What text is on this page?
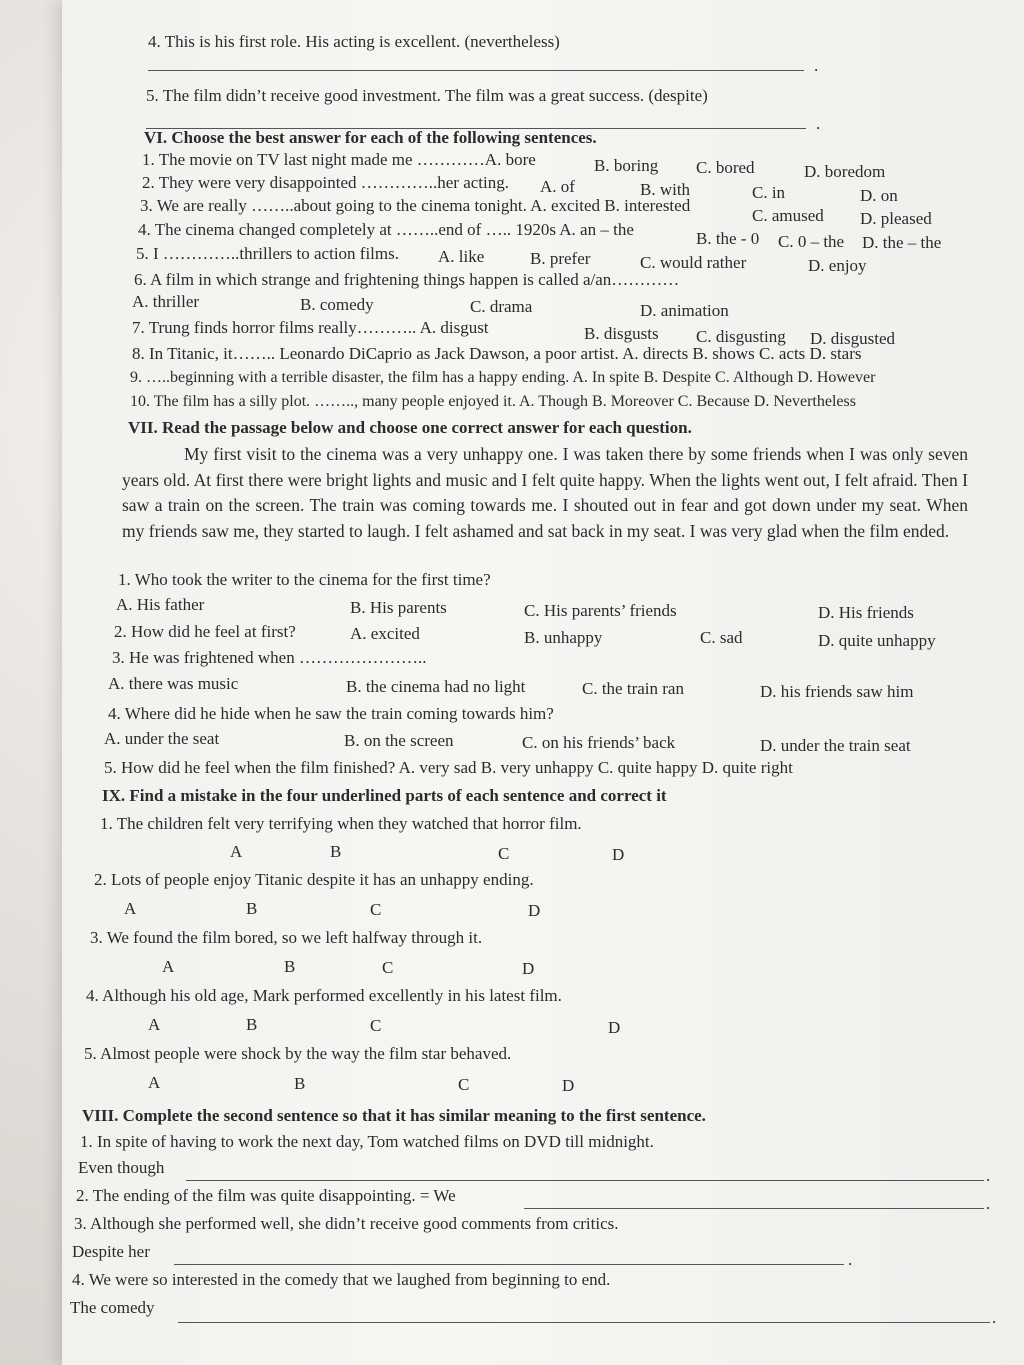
4. This is his first role. His acting is excellent. (nevertheless)
.
5. The film didn’t receive good investment. The film was a great success. (despite)
.
VI. Choose the best answer for each of the following sentences.
1. The movie on TV last night made me …………A. bore	B. boring C. bored	D. boredom
2. They were very disappointed …………..her acting. A. of	B. with	C. in	D. on
3. We are really ……..about going to the cinema tonight. A. excited B. interested
C. amused D. pleased
4. The cinema changed completely at ……..end of ….. 1920s A. an – the	B. the - 0 C. 0 – the D. the – the
5. I …………..thrillers to action films. A. like	B. prefer	C. would rather	D. enjoy
6. A film in which strange and frightening things happen is called a/an…………
A. thriller	B. comedy	C. drama	D. animation
7. Trung finds horror films really……….. A. disgust	B. disgusts C. disgusting D. disgusted
8. In Titanic, it…….. Leonardo DiCaprio as Jack Dawson, a poor artist. A. directs B. shows C. acts D. stars
9. …..beginning with a terrible disaster, the film has a happy ending. A. In spite B. Despite C. Although D. However
10. The film has a silly plot. …….., many people enjoyed it. A. Though B. Moreover C. Because D. Nevertheless
VII. Read the passage below and choose one correct answer for each question.

My first visit to the cinema was a very unhappy one. I was taken there by some friends when I was only seven years old. At first there were bright lights and music and I felt quite happy. When the lights went out, I felt afraid. Then I saw a train on the screen. The train was coming towards me. I shouted out in fear and got down under my seat. When my friends saw me, they started to laugh. I felt ashamed and sat back in my seat. I was very glad when the film ended.

1. Who took the writer to the cinema for the first time?
A. His father	B. His parents	C. His parents’ friends	D. His friends
2. How did he feel at first?	A. excited	B. unhappy	C. sad	D. quite unhappy
3. He was frightened when …………………..
A. there was music	B. the cinema had no light	C. the train ran	D. his friends saw him
4. Where did he hide when he saw the train coming towards him?
A. under the seat	B. on the screen	C. on his friends’ back	D. under the train seat
5. How did he feel when the film finished? A. very sad B. very unhappy C. quite happy D. quite right
IX. Find a mistake in the four underlined parts of each sentence and correct it
1. The children felt very terrifying when they watched that horror film.
A	B	C	D
2. Lots of people enjoy Titanic despite it has an unhappy ending.
A	B	C	D
3. We found the film bored, so we left halfway through it.
A	B	C	D
4. Although his old age, Mark performed excellently in his latest film.
A	B	C	D
5. Almost people were shock by the way the film star behaved.
A	B	C	D
VIII. Complete the second sentence so that it has similar meaning to the first sentence.
1. In spite of having to work the next day, Tom watched films on DVD till midnight.
Even though	.
2. The ending of the film was quite disappointing. = We	.
3. Although she performed well, she didn’t receive good comments from critics.
Despite her	.
4. We were so interested in the comedy that we laughed from beginning to end.
The comedy
.
